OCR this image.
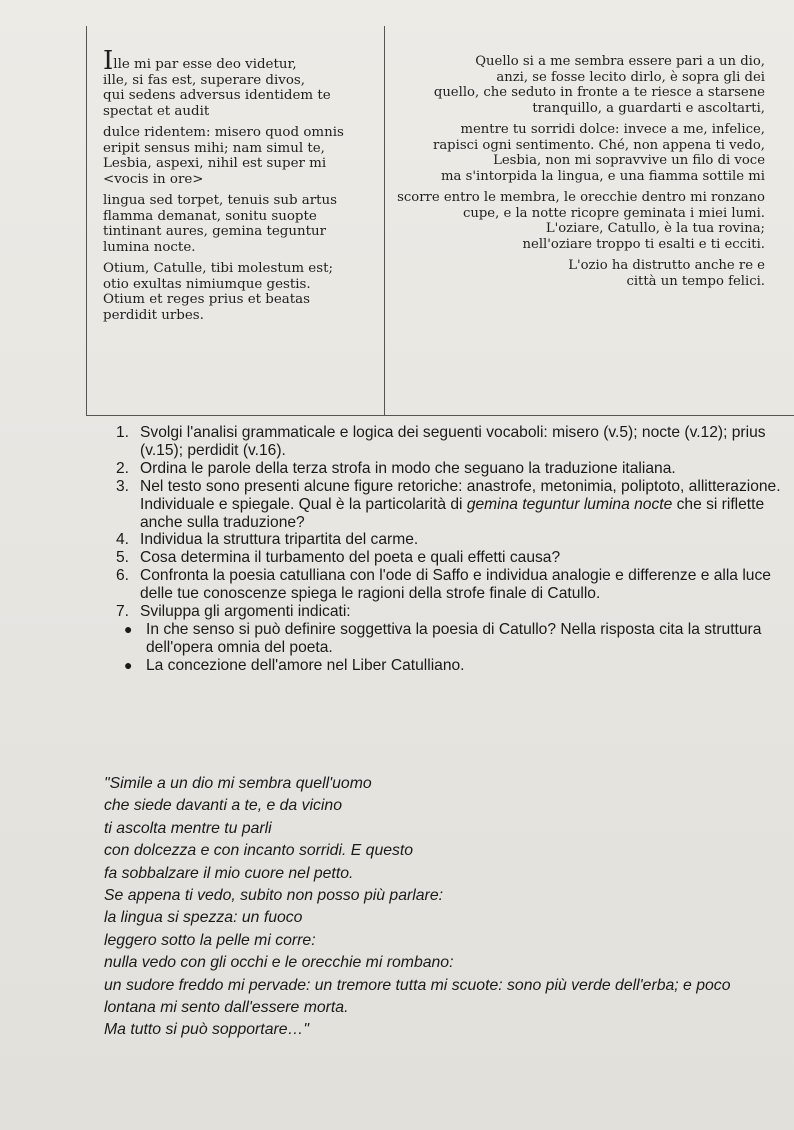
Ille mi par esse deo videtur,
ille, si fas est, superare divos,
qui sedens adversus identidem te
spectat et audit
dulce ridentem: misero quod omnis
eripit sensus mihi; nam simul te,
Lesbia, aspexi, nihil est super mi
<vocis in ore>
lingua sed torpet, tenuis sub artus
flamma demanat, sonitu suopte
tintinant aures, gemina teguntur
lumina nocte.
Otium, Catulle, tibi molestum est;
otio exultas nimiumque gestis.
Otium et reges prius et beatas
perdidit urbes.
Quello si a me sembra essere pari a un dio,
anzi, se fosse lecito dirlo, è sopra gli dei
quello, che seduto in fronte a te riesce a starsene
tranquillo, a guardarti e ascoltarti,
mentre tu sorridi dolce: invece a me, infelice,
rapisci ogni sentimento. Ché, non appena ti vedo,
Lesbia, non mi sopravvive un filo di voce
ma s'intorpida la lingua, e una fiamma sottile mi
scorre entro le membra, le orecchie dentro mi ronzano
cupe, e la notte ricopre geminata i miei lumi.
L'oziare, Catullo, è la tua rovina;
nell'oziare troppo ti esalti e ti ecciti.
L'ozio ha distrutto anche re e
città un tempo felici.
1. Svolgi l'analisi grammaticale e logica dei seguenti vocaboli: misero (v.5); nocte (v.12); prius (v.15); perdidit (v.16).
2. Ordina le parole della terza strofa in modo che seguano la traduzione italiana.
3. Nel testo sono presenti alcune figure retoriche: anastrofe, metonimia, poliptoto, allitterazione. Individuale e spiegale. Qual è la particolarità di gemina teguntur lumina nocte che si riflette anche sulla traduzione?
4. Individua la struttura tripartita del carme.
5. Cosa determina il turbamento del poeta e quali effetti causa?
6. Confronta la poesia catulliana con l'ode di Saffo e individua analogie e differenze e alla luce delle tue conoscenze spiega le ragioni della strofe finale di Catullo.
7. Sviluppa gli argomenti indicati:
● In che senso si può definire soggettiva la poesia di Catullo? Nella risposta cita la struttura dell'opera omnia del poeta.
● La concezione dell'amore nel Liber Catulliano.
"Simile a un dio mi sembra quell'uomo
che siede davanti a te, e da vicino
ti ascolta mentre tu parli
con dolcezza e con incanto sorridi. E questo
fa sobbalzare il mio cuore nel petto.
Se appena ti vedo, subito non posso più parlare:
la lingua si spezza: un fuoco
leggero sotto la pelle mi corre:
nulla vedo con gli occhi e le orecchie mi rombano:
un sudore freddo mi pervade: un tremore tutta mi scuote: sono più verde dell'erba; e poco
lontana mi sento dall'essere morta.
Ma tutto si può sopportare…"
